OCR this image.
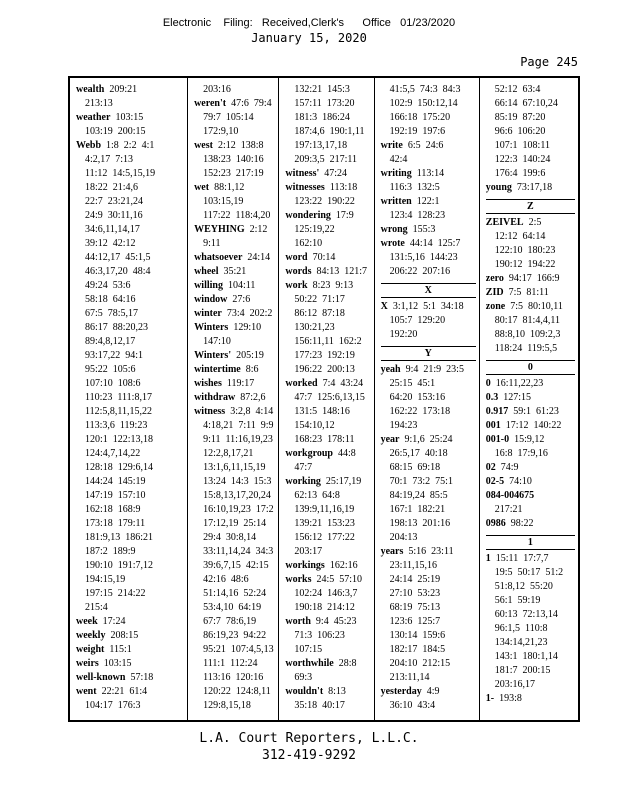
Electronic    Filing:   Received,Clerk's      Office   01/23/2020
January 15, 2020
Page 245
wealth  209:21
213:13
weather  103:15
103:19  200:15
Webb  1:8  2:2  4:1
4:2,17  7:13
11:12  14:5,15,19
18:22  21:4,6
22:7  23:21,24
24:9  30:11,16
34:6,11,14,17
39:12  42:12
44:12,17  45:1,5
46:3,17,20  48:4
49:24  53:6
58:18  64:16
67:5  78:5,17
86:17  88:20,23
89:4,8,12,17
93:17,22  94:1
95:22  105:6
107:10  108:6
110:23  111:8,17
112:5,8,11,15,22
113:3,6  119:23
120:1  122:13,18
124:4,7,14,22
128:18  129:6,14
144:24  145:19
147:19  157:10
162:18  168:9
173:18  179:11
181:9,13  186:21
187:2  189:9
190:10  191:7,12
194:15,19
197:15  214:22
215:4
week  17:24
weekly  208:15
weight  115:1
weirs  103:15
well-known  57:18
went  22:21  61:4
104:17  176:3
203:16
weren't  47:6  79:4
79:7  105:14
172:9,10
west  2:12  138:8
138:23  140:16
152:23  217:19
wet  88:1,12
103:15,19
117:22  118:4,20
WEYHING  2:12
9:11
whatsoever  24:14
wheel  35:21
willing  104:11
window  27:6
winter  73:4  202:2
Winters  129:10
147:10
Winters'  205:19
wintertime  8:6
wishes  119:17
withdraw  87:2,6
witness  3:2,8  4:14
4:18,21  7:11  9:9
9:11  11:16,19,23
12:2,8,17,21
13:1,6,11,15,19
13:24  14:3  15:3
15:8,13,17,20,24
16:10,19,23  17:2
17:12,19  25:14
29:4  30:8,14
33:11,14,24  34:3
39:6,7,15  42:15
42:16  48:6
51:14,16  52:24
53:4,10  64:19
67:7  78:6,19
86:19,23  94:22
95:21  107:4,5,13
111:1  112:24
113:16  120:16
120:22  124:8,11
129:8,15,18
132:21  145:3
157:11  173:20
181:3  186:24
187:4,6  190:1,11
197:13,17,18
209:3,5  217:11
witness'  47:24
witnesses  113:18
123:22  190:22
wondering  17:9
125:19,22
162:10
word  70:14
words  84:13  121:7
work  8:23  9:13
50:22  71:17
86:12  87:18
130:21,23
156:11,11  162:2
177:23  192:19
196:22  200:13
worked  7:4  43:24
47:7  125:6,13,15
131:5  148:16
154:10,12
168:23  178:11
workgroup  44:8
47:7
working  25:17,19
62:13  64:8
139:9,11,16,19
139:21  153:23
156:12  177:22
203:17
workings  162:16
works  24:5  57:10
102:24  146:3,7
190:18  214:12
worth  9:4  45:23
71:3  106:23
107:15
worthwhile  28:8
69:3
wouldn't  8:13
35:18  40:17
41:5,5  74:3  84:3
102:9  150:12,14
166:18  175:20
192:19  197:6
write  6:5  24:6
42:4
writing  113:14
116:3  132:5
written  122:1
123:4  128:23
wrong  155:3
wrote  44:14  125:7
131:5,16  144:23
206:22  207:16
X
X  3:1,12  5:1  34:18
105:7  129:20
192:20
Y
yeah  9:4  21:9  23:5
25:15  45:1
64:20  153:16
162:22  173:18
194:23
year  9:1,6  25:24
26:5,17  40:18
68:15  69:18
70:1  73:2  75:1
84:19,24  85:5
167:1  182:21
198:13  201:16
204:13
years  5:16  23:11
23:11,15,16
24:14  25:19
27:10  53:23
68:19  75:13
123:6  125:7
130:14  159:6
182:17  184:5
204:10  212:15
213:11,14
yesterday  4:9
36:10  43:4
52:12  63:4
66:14  67:10,24
85:19  87:20
96:6  106:20
107:1  108:11
122:3  140:24
176:4  199:6
young  73:17,18
Z
ZEIVEL  2:5
12:12  64:14
122:10  180:23
190:12  194:22
zero  94:17  166:9
ZID  7:5  81:11
zone  7:5  80:10,11
80:17  81:4,4,11
88:8,10  109:2,3
118:24  119:5,5
0
0  16:11,22,23
0.3  127:15
0.917  59:1  61:23
001  17:12  140:22
001-0  15:9,12
16:8  17:9,16
02  74:9
02-5  74:10
084-004675
217:21
0986  98:22
1
1  15:11  17:7,7
19:5  50:17  51:2
51:8,12  55:20
56:1  59:19
60:13  72:13,14
96:1,5  110:8
134:14,21,23
143:1  180:1,14
181:7  200:15
203:16,17
1-  193:8
L.A. Court Reporters, L.L.C.
312-419-9292
